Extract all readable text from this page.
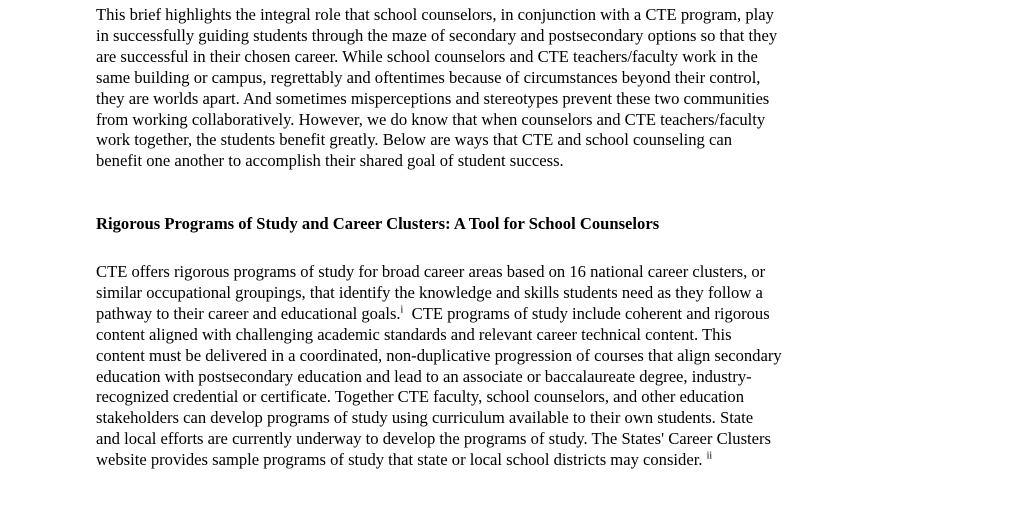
This brief highlights the integral role that school counselors, in conjunction with a CTE program, play
in successfully guiding students through the maze of secondary and postsecondary options so that they
are successful in their chosen career. While school counselors and CTE teachers/faculty work in the
same building or campus, regrettably and oftentimes because of circumstances beyond their control,
they are worlds apart. And sometimes misperceptions and stereotypes prevent these two communities
from working collaboratively. However, we do know that when counselors and CTE teachers/faculty
work together, the students benefit greatly. Below are ways that CTE and school counseling can
benefit one another to accomplish their shared goal of student success.
Rigorous Programs of Study and Career Clusters: A Tool for School Counselors
CTE offers rigorous programs of study for broad career areas based on 16 national career clusters, or
similar occupational groupings, that identify the knowledge and skills students need as they follow a
pathway to their career and educational goals.$^i$  CTE programs of study include coherent and rigorous
content aligned with challenging academic standards and relevant career technical content. This
content must be delivered in a coordinated, non-duplicative progression of courses that align secondary
education with postsecondary education and lead to an associate or baccalaureate degree, industry-
recognized credential or certificate. Together CTE faculty, school counselors, and other education
stakeholders can develop programs of study using curriculum available to their own students. State
and local efforts are currently underway to develop the programs of study. The States' Career Clusters
website provides sample programs of study that state or local school districts may consider. $^{ii}$
